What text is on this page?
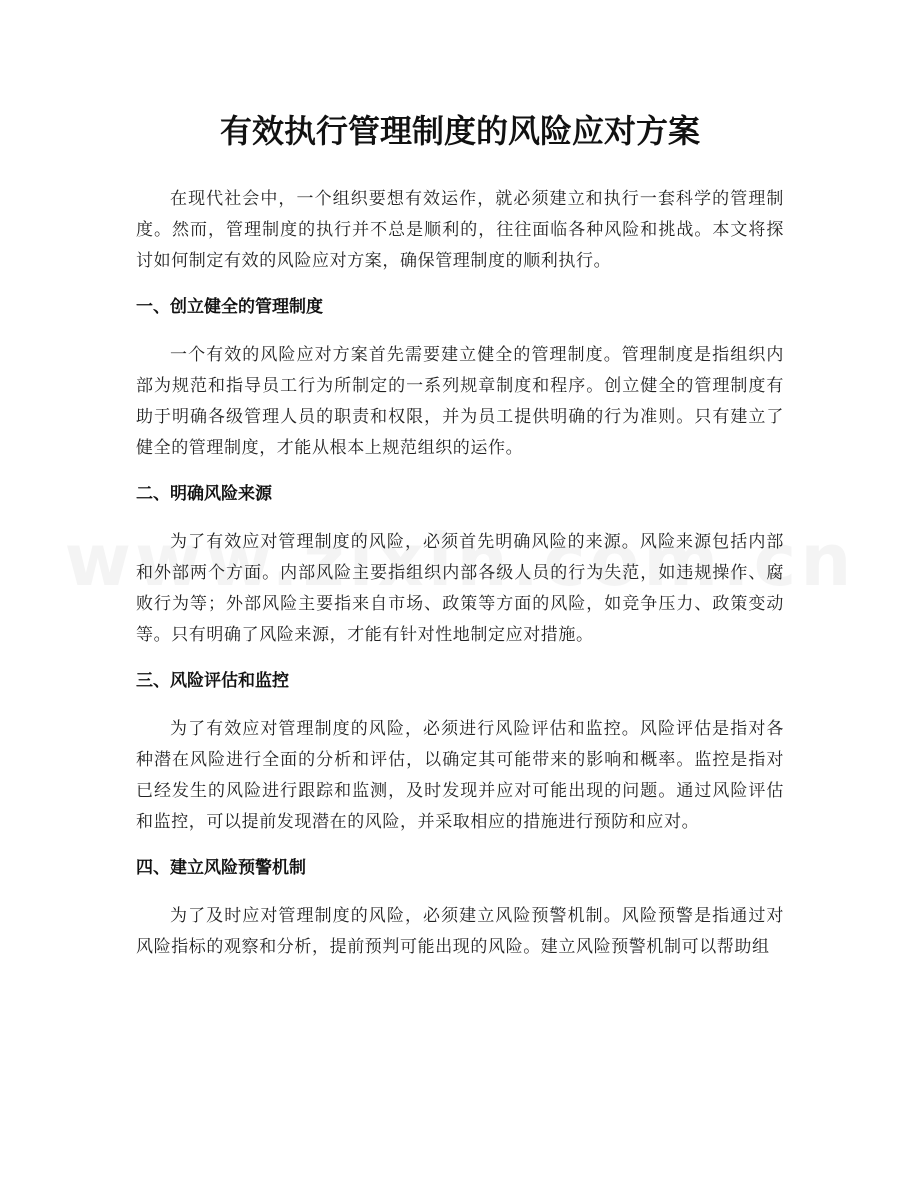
有效执行管理制度的风险应对方案

在现代社会中，一个组织要想有效运作，就必须建立和执行一套科学的管理制度。然而，管理制度的执行并不总是顺利的，往往面临各种风险和挑战。本文将探讨如何制定有效的风险应对方案，确保管理制度的顺利执行。

一、创立健全的管理制度

一个有效的风险应对方案首先需要建立健全的管理制度。管理制度是指组织内部为规范和指导员工行为所制定的一系列规章制度和程序。创立健全的管理制度有助于明确各级管理人员的职责和权限，并为员工提供明确的行为准则。只有建立了健全的管理制度，才能从根本上规范组织的运作。

二、明确风险来源

为了有效应对管理制度的风险，必须首先明确风险的来源。风险来源包括内部和外部两个方面。内部风险主要指组织内部各级人员的行为失范，如违规操作、腐败行为等；外部风险主要指来自市场、政策等方面的风险，如竞争压力、政策变动等。只有明确了风险来源，才能有针对性地制定应对措施。

三、风险评估和监控

为了有效应对管理制度的风险，必须进行风险评估和监控。风险评估是指对各种潜在风险进行全面的分析和评估，以确定其可能带来的影响和概率。监控是指对已经发生的风险进行跟踪和监测，及时发现并应对可能出现的问题。通过风险评估和监控，可以提前发现潜在的风险，并采取相应的措施进行预防和应对。

四、建立风险预警机制

为了及时应对管理制度的风险，必须建立风险预警机制。风险预警是指通过对风险指标的观察和分析，提前预判可能出现的风险。建立风险预警机制可以帮助组
